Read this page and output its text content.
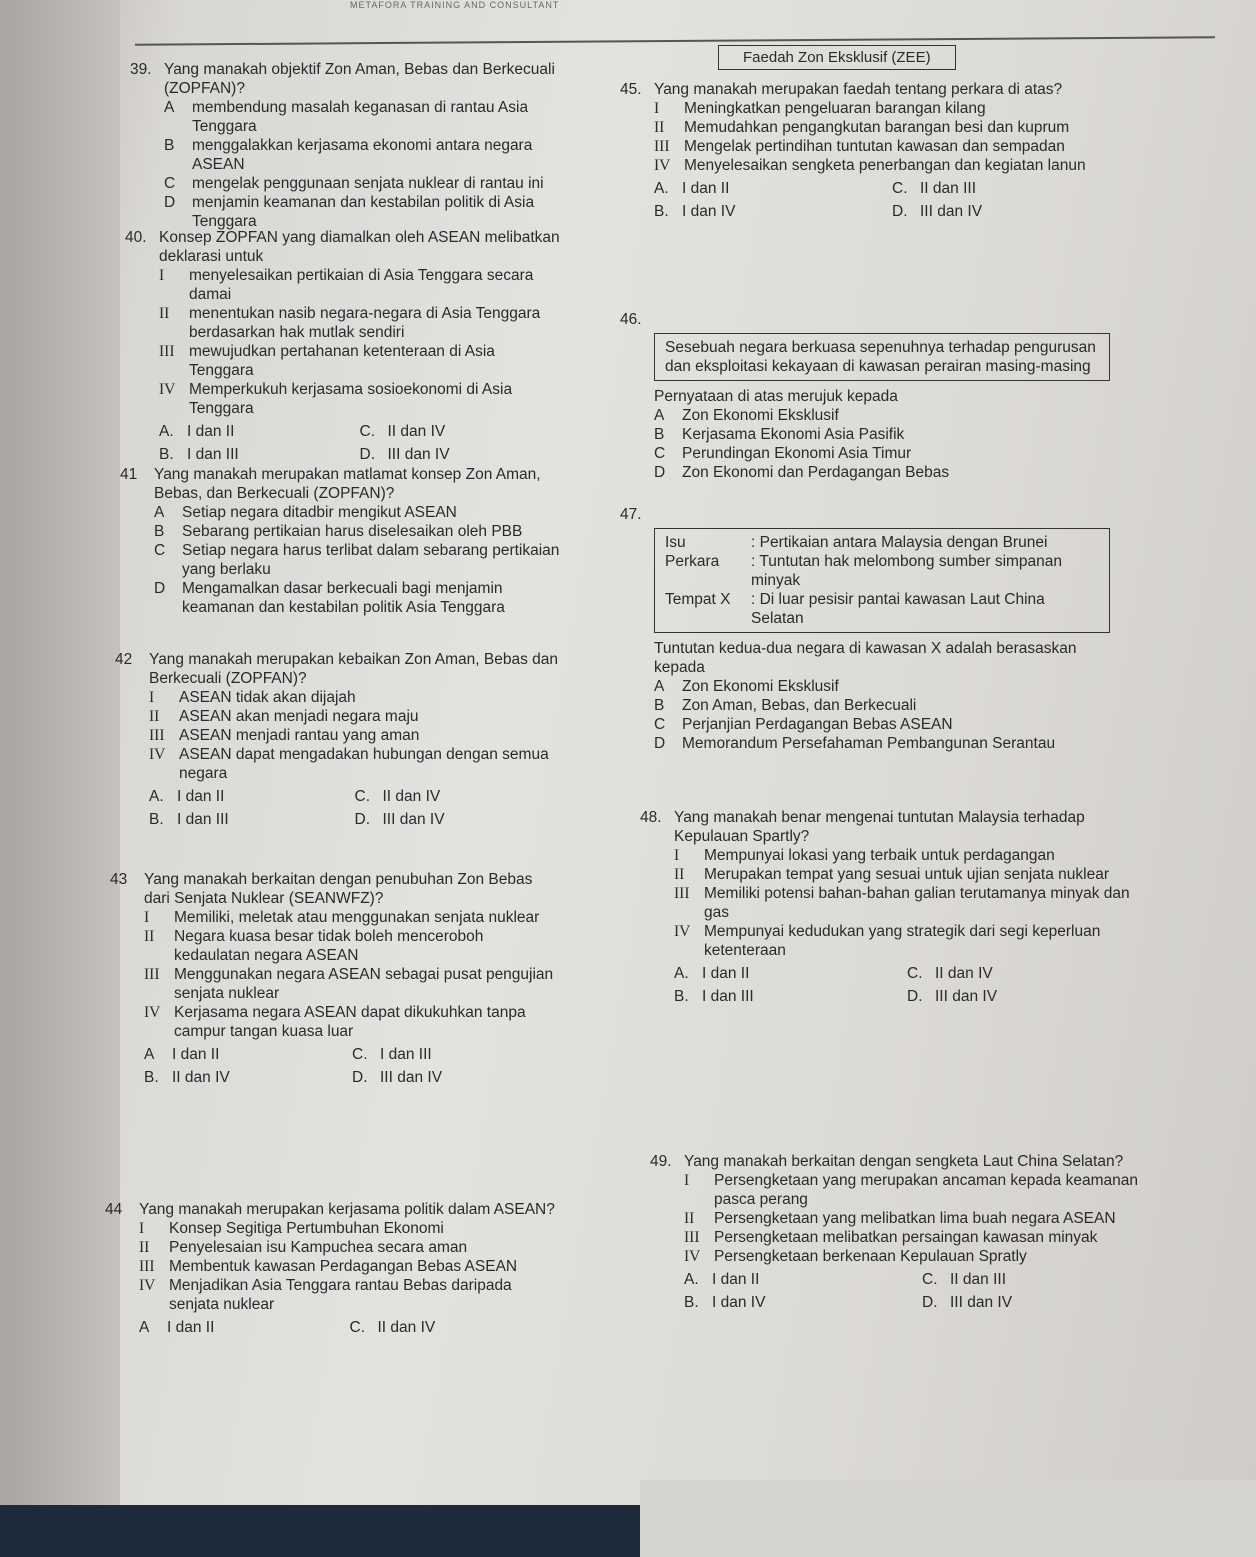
METAFORA TRAINING AND CONSULTANT
Faedah Zon Eksklusif (ZEE)
39. Yang manakah objektif Zon Aman, Bebas dan Berkecuali (ZOPFAN)?
A	membendung masalah keganasan di rantau Asia Tenggara
B	menggalakkan kerjasama ekonomi antara negara ASEAN
C	mengelak penggunaan senjata nuklear di rantau ini
D	menjamin keamanan dan kestabilan politik di Asia Tenggara
40. Konsep ZOPFAN yang diamalkan oleh ASEAN melibatkan deklarasi untuk
I	menyelesaikan pertikaian di Asia Tenggara secara damai
II	menentukan nasib negara-negara di Asia Tenggara berdasarkan hak mutlak sendiri
III mewujudkan pertahanan ketenteraan di Asia Tenggara
IV Memperkukuh kerjasama sosioekonomi di Asia Tenggara
A. I dan II	C. II dan IV
B. I dan III	D. III dan IV
41	Yang manakah merupakan matlamat konsep Zon Aman, Bebas, dan Berkecuali (ZOPFAN)?
A	Setiap negara ditadbir mengikut ASEAN
B	Sebarang pertikaian harus diselesaikan oleh PBB
C	Setiap negara harus terlibat dalam sebarang pertikaian yang berlaku
D	Mengamalkan dasar berkecuali bagi menjamin keamanan dan kestabilan politik Asia Tenggara
42	Yang manakah merupakan kebaikan Zon Aman, Bebas dan Berkecuali (ZOPFAN)?
I	ASEAN tidak akan dijajah
II	ASEAN akan menjadi negara maju
III ASEAN menjadi rantau yang aman
IV ASEAN dapat mengadakan hubungan dengan semua negara
A. I dan II	C. II dan IV
B. I dan III	D. III dan IV
43	Yang manakah berkaitan dengan penubuhan Zon Bebas dari Senjata Nuklear (SEANWFZ)?
I	Memiliki, meletak atau menggunakan senjata nuklear
II	Negara kuasa besar tidak boleh menceroboh kedaulatan negara ASEAN
III Menggunakan negara ASEAN sebagai pusat pengujian senjata nuklear
IV Kerjasama negara ASEAN dapat dikukuhkan tanpa campur tangan kuasa luar
A	I dan II	C. I dan III
B. II dan IV	D. III dan IV
44	Yang manakah merupakan kerjasama politik dalam ASEAN?
I	Konsep Segitiga Pertumbuhan Ekonomi
II	Penyelesaian isu Kampuchea secara aman
III Membentuk kawasan Perdagangan Bebas ASEAN
IV Menjadikan Asia Tenggara rantau Bebas daripada senjata nuklear
A	I dan II	C. II dan IV
45. Yang manakah merupakan faedah tentang perkara di atas?
I	Meningkatkan pengeluaran barangan kilang
II	Memudahkan pengangkutan barangan besi dan kuprum
III Mengelak pertindihan tuntutan kawasan dan sempadan
IV Menyelesaikan sengketa penerbangan dan kegiatan lanun
A. I dan II	C. II dan III
B. I dan IV	D. III dan IV
46.
Sesebuah negara berkuasa sepenuhnya terhadap pengurusan dan eksploitasi kekayaan di kawasan perairan masing-masing
Pernyataan di atas merujuk kepada
A	Zon Ekonomi Eksklusif
B	Kerjasama Ekonomi Asia Pasifik
C	Perundingan Ekonomi Asia Timur
D	Zon Ekonomi dan Perdagangan Bebas
47.
Isu	: Pertikaian antara Malaysia dengan Brunei
Perkara	: Tuntutan hak melombong sumber simpanan minyak
Tempat X	: Di luar pesisir pantai kawasan Laut China Selatan
Tuntutan kedua-dua negara di kawasan X adalah berasaskan kepada
A	Zon Ekonomi Eksklusif
B	Zon Aman, Bebas, dan Berkecuali
C	Perjanjian Perdagangan Bebas ASEAN
D	Memorandum Persefahaman Pembangunan Serantau
48. Yang manakah benar mengenai tuntutan Malaysia terhadap Kepulauan Spartly?
I	Mempunyai lokasi yang terbaik untuk perdagangan
II	Merupakan tempat yang sesuai untuk ujian senjata nuklear
III Memiliki potensi bahan-bahan galian terutamanya minyak dan gas
IV Mempunyai kedudukan yang strategik dari segi keperluan ketenteraan
A. I dan II	C. II dan IV
B. I dan III	D. III dan IV
49. Yang manakah berkaitan dengan sengketa Laut China Selatan?
I	Persengketaan yang merupakan ancaman kepada keamanan pasca perang
II	Persengketaan yang melibatkan lima buah negara ASEAN
III Persengketaan melibatkan persaingan kawasan minyak
IV Persengketaan berkenaan Kepulauan Spratly
A. I dan II	C. II dan III
B. I dan IV	D. III dan IV
